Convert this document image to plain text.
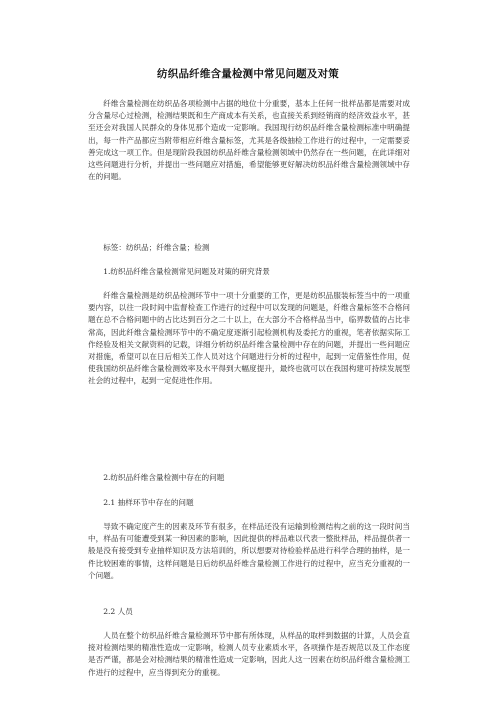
纺织品纤维含量检测中常见问题及对策

纤维含量检测在纺织品各项检测中占据的地位十分重要，基本上任何一批样品都是需要对成分含量尽心过检测，检测结果既和生产商成本有关系，也直接关系到经销商的经济效益水平，甚至还会对我国人民群众的身体见那个造成一定影响。我国现行纺织品纤维含量检测标准中明确提出，每一件产品都应当附带相应纤维含量标签，尤其是各级抽检工作进行的过程中，一定需要妥善完成这一项工作。但是现阶段我国纺织品纤维含量检测领域中仍然存在一些问题，在此详细对这些问题进行分析，并提出一些问题应对措施，希望能够更好解决纺织品纤维含量检测领域中存在的问题。

标签：纺织品；纤维含量；检测

1.纺织品纤维含量检测常见问题及对策的研究背景

纤维含量检测是纺织品检测环节中一项十分重要的工作，更是纺织品服装标签当中的一项重要内容，以往一段时间中监督检查工作进行的过程中可以发现的问题是，纤维含量标签不合格问题在总不合格问题中的占比达到百分之二十以上，在大部分不合格样品当中，临界数值的占比非常高，因此纤维含量检测环节中的不确定度逐渐引起检测机构及委托方的重视，笔者依据实际工作经验及相关文献资料的记载，详细分析纺织品纤维含量检测中存在的问题，并提出一些问题应对措施，希望可以在日后相关工作人员对这个问题进行分析的过程中，起到一定借鉴性作用，促使我国纺织品纤维含量检测效率及水平得到大幅度提升，最终也就可以在我国构建可持续发展型社会的过程中，起到一定促进性作用。

2.纺织品纤维含量检测中存在的问题

2.1 抽样环节中存在的问题

导致不确定度产生的因素及环节有很多，在样品还没有运输到检测结构之前的这一段时间当中，样品有可能遭受到某一种因素的影响，因此提供的样品难以代表一整批样品，样品提供者一般是没有接受到专业抽样知识及方法培训的，所以想要对待检验样品进行科学合理的抽样，是一件比较困难的事情，这样问题是日后纺织品纤维含量检测工作进行的过程中，应当充分重视的一个问题。

2.2 人员

人员在整个纺织品纤维含量检测环节中都有所体现，从样品的取样到数据的计算，人员会直接对检测结果的精准性造成一定影响，检测人员专业素质水平，各项操作是否规范以及工作态度是否严谨，都是会对检测结果的精准性造成一定影响，因此人这一因素在纺织品纤维含量检测工作进行的过程中，应当得到充分的重视。
